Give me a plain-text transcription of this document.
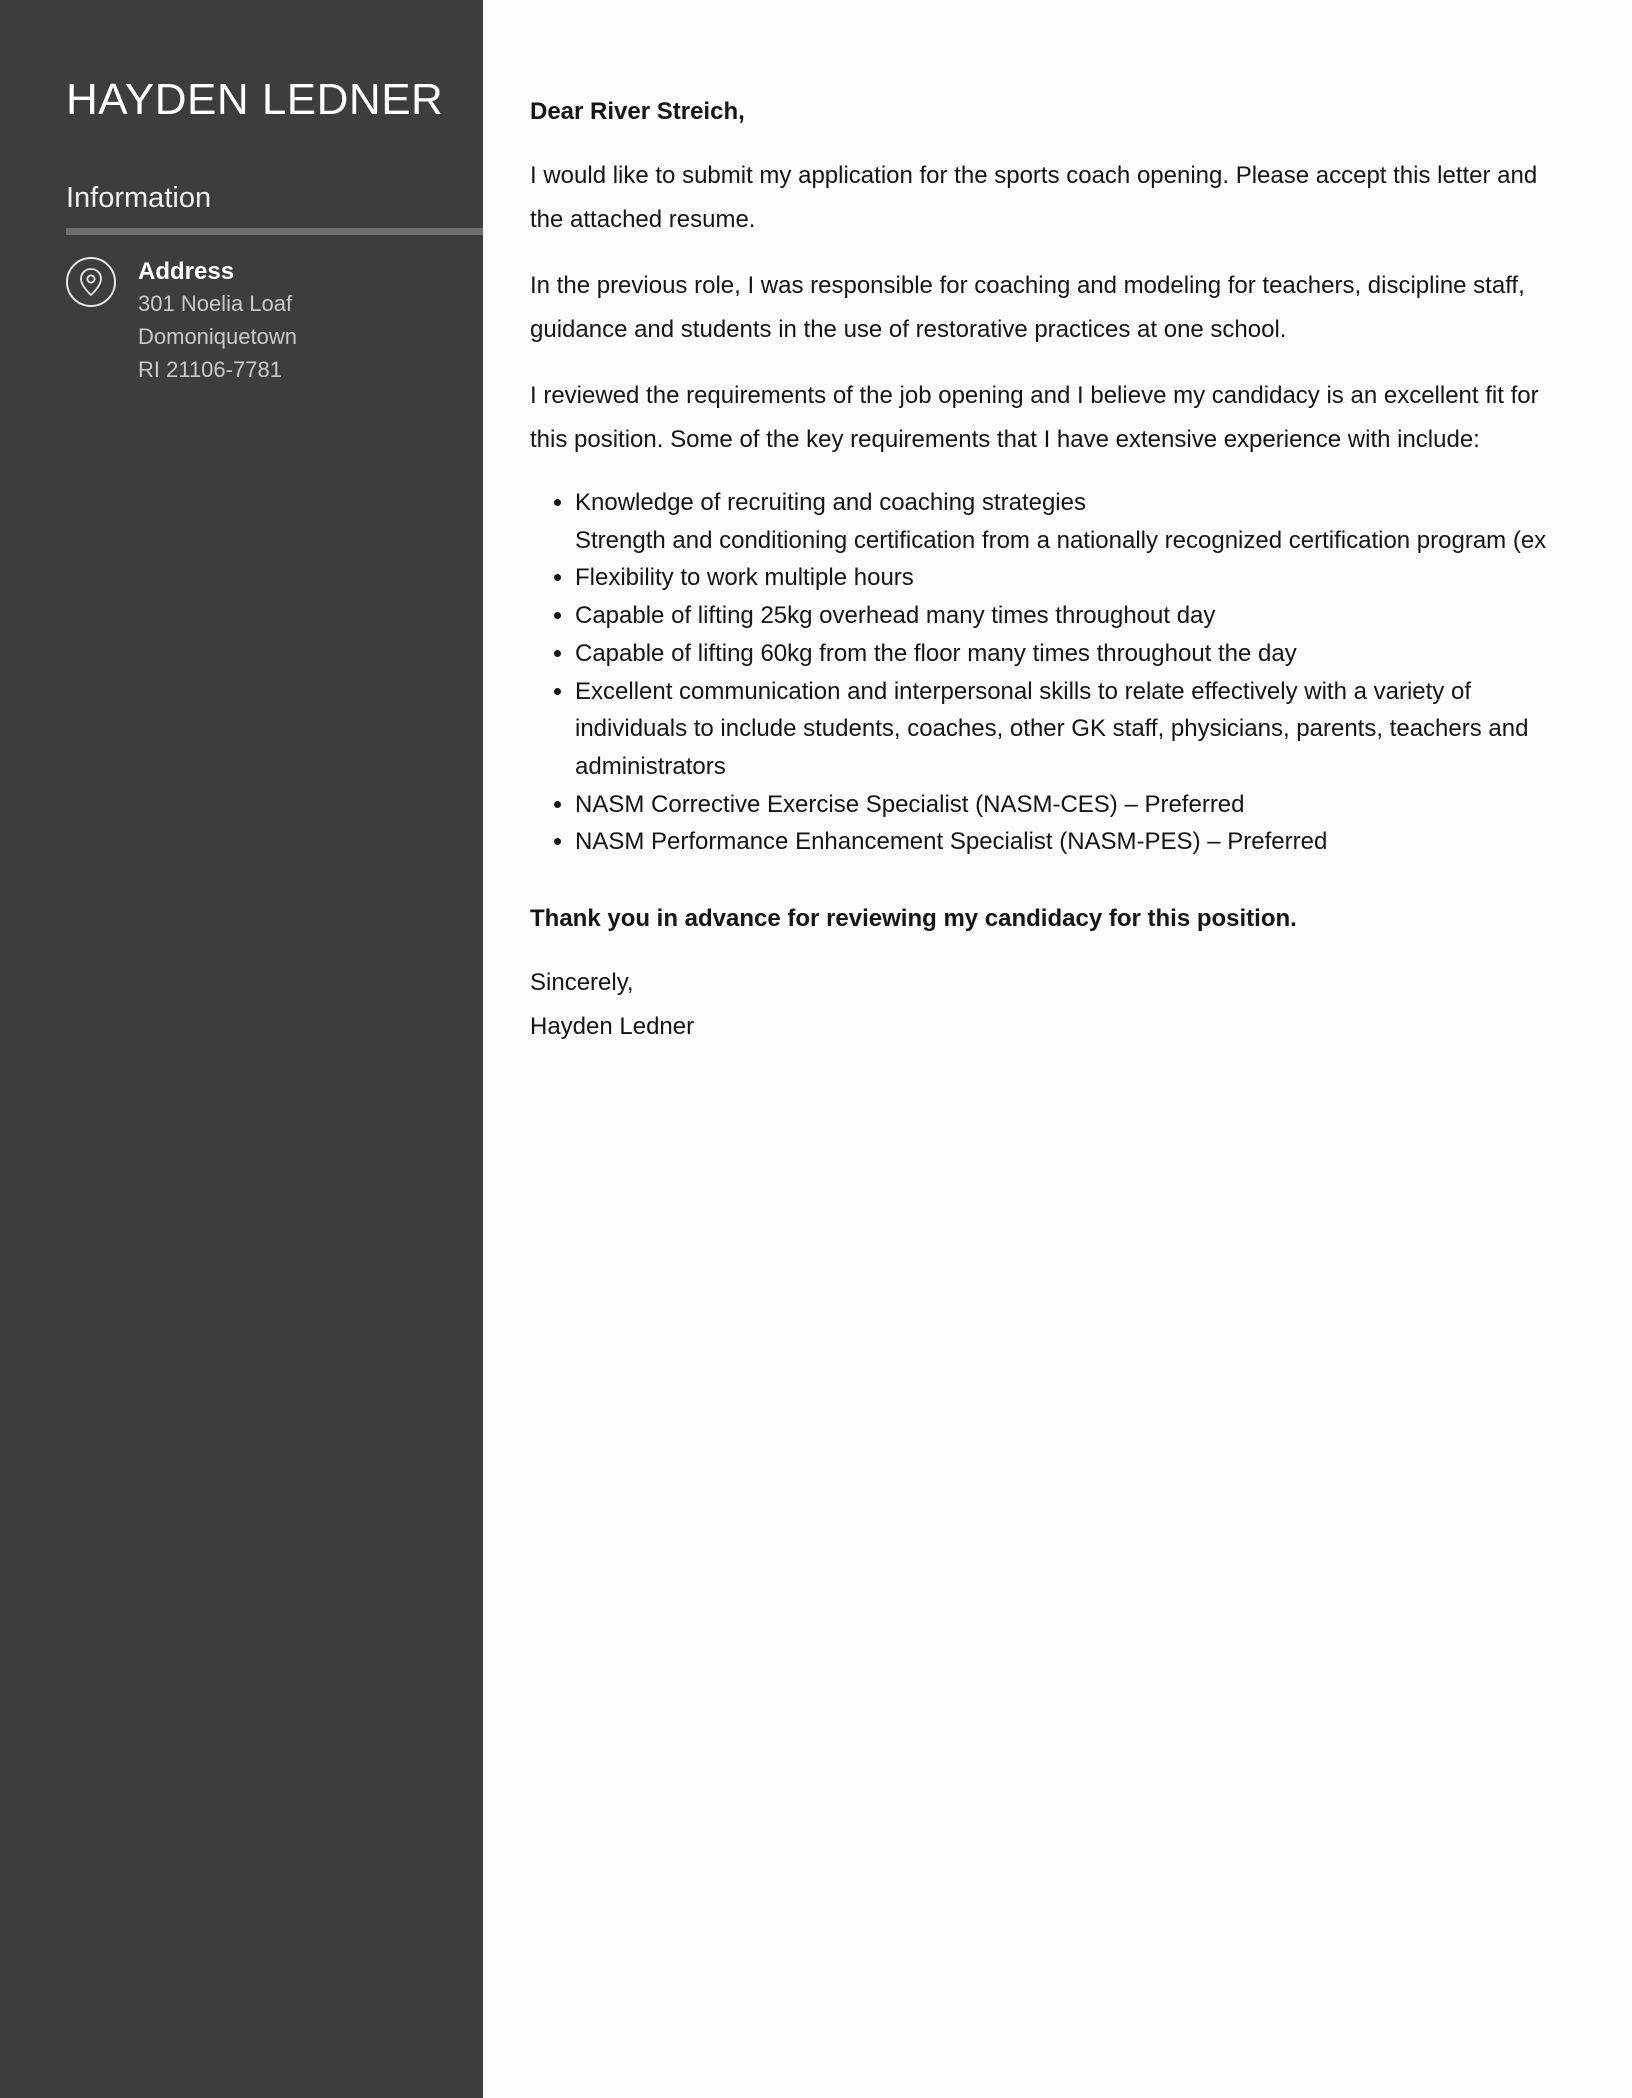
HAYDEN LEDNER
Information
Address
301 Noelia Loaf
Domoniquetown
RI 21106-7781

Dear River Streich,

I would like to submit my application for the sports coach opening. Please accept this letter and the attached resume.

In the previous role, I was responsible for coaching and modeling for teachers, discipline staff, guidance and students in the use of restorative practices at one school.

I reviewed the requirements of the job opening and I believe my candidacy is an excellent fit for this position. Some of the key requirements that I have extensive experience with include:

• Knowledge of recruiting and coaching strategies
• Strength and conditioning certification from a nationally recognized certification program (ex
• Flexibility to work multiple hours
• Capable of lifting 25kg overhead many times throughout day
• Capable of lifting 60kg from the floor many times throughout the day
• Excellent communication and interpersonal skills to relate effectively with a variety of individuals to include students, coaches, other GK staff, physicians, parents, teachers and administrators
• NASM Corrective Exercise Specialist (NASM-CES) – Preferred
• NASM Performance Enhancement Specialist (NASM-PES) – Preferred

Thank you in advance for reviewing my candidacy for this position.

Sincerely,

Hayden Ledner
